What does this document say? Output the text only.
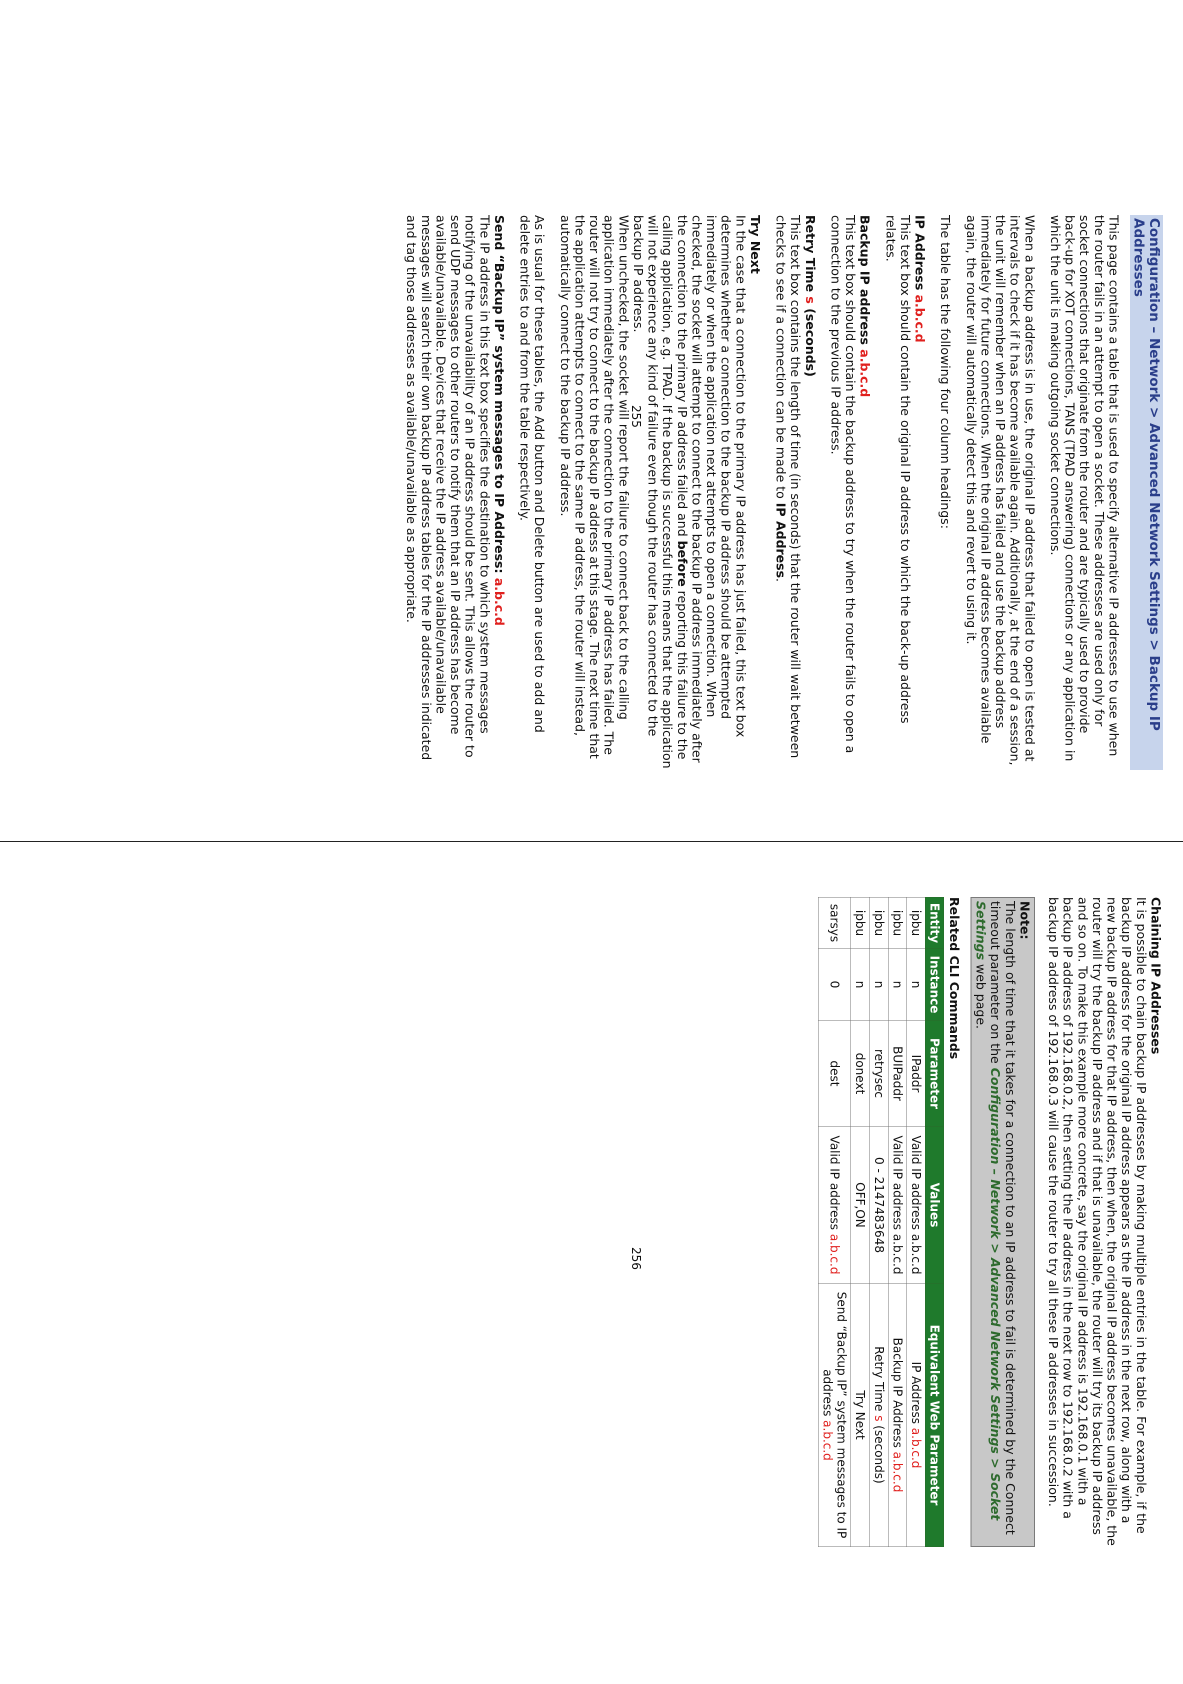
Configuration – Network > Advanced Network Settings > Backup IP
Addresses

This page contains a table that is used to specify alternative IP addresses to use when the router fails in an attempt to open a socket. These addresses are used only for socket connections that originate from the router and are typically used to provide back-up for XOT connections, TANS (TPAD answering) connections or any application in which the unit is making outgoing socket connections.

When a backup address is in use, the original IP address that failed to open is tested at intervals to check if it has become available again. Additionally, at the end of a session, the unit will remember when an IP address has failed and use the backup address immediately for future connections. When the original IP address becomes available again, the router will automatically detect this and revert to using it.

The table has the following four column headings:

IP Address a.b.c.d
This text box should contain the original IP address to which the back-up address relates.

Backup IP address a.b.c.d
This text box should contain the backup address to try when the router fails to open a connection to the previous IP address.

Retry Time s (seconds)
This text box contains the length of time (in seconds) that the router will wait between checks to see if a connection can be made to IP Address.

Try Next
In the case that a connection to the primary IP address has just failed, this text box determines whether a connection to the backup IP address should be attempted immediately or when the application next attempts to open a connection. When checked, the socket will attempt to connect to the backup IP address immediately after the connection to the primary IP address failed and before reporting this failure to the calling application, e.g. TPAD. If the backup is successful this means that the application will not experience any kind of failure even though the router has connected to the backup IP address.

When unchecked, the socket will report the failure to connect back to the calling application immediately after the connection to the primary IP address has failed. The router will not try to connect to the backup IP address at this stage. The next time that the application attempts to connect to the same IP address, the router will instead, automatically connect to the backup IP address.

As is usual for these tables, the Add button and Delete button are used to add and delete entries to and from the table respectively.

Send “Backup IP” system messages to IP Address: a.b.c.d
The IP address in this text box specifies the destination to which system messages notifying of the unavailability of an IP address should be sent. This allows the router to send UDP messages to other routers to notify them that an IP address has become available/unavailable. Devices that receive the IP address available/unavailable messages will search their own backup IP address tables for the IP addresses indicated and tag those addresses as available/unavailable as appropriate.	255

Chaining IP Addresses
It is possible to chain backup IP addresses by making multiple entries in the table. For example, if the backup IP address for the original IP address appears as the IP address in the next row, along with a new backup IP address for that IP address, then when, the original IP address becomes unavailable, the router will try the backup IP address and if that is unavailable, the router will try its backup IP address and so on. To make this example more concrete, say the original IP address is 192.168.0.1 with a backup IP address of 192.168.0.2, then setting the IP address in the next row to 192.168.0.2 with a backup IP address of 192.168.0.3 will cause the router to try all these IP addresses in succession.

Note:
The length of time that it takes for a connection to an IP address to fail is determined by the Connect timeout parameter on the Configuration – Network > Advanced Network Settings > Socket Settings web page.
Related CLI Commands
Entity	Instance	Parameter	Values	Equivalent Web Parameter
ipbu	n	IPaddr	Valid IP address a.b.c.d	IP Address a.b.c.d
ipbu	n	BUIPaddr	Valid IP address a.b.c.d	Backup IP Address a.b.c.d
ipbu	n	retrysec	0 - 2147483648	Retry Time s (seconds)
ipbu	n	donext	OFF,ON	Try Next
sarsys	0	dest	Valid IP address a.b.c.d	Send “Backup IP” system messages to IP address a.b.c.d
256
